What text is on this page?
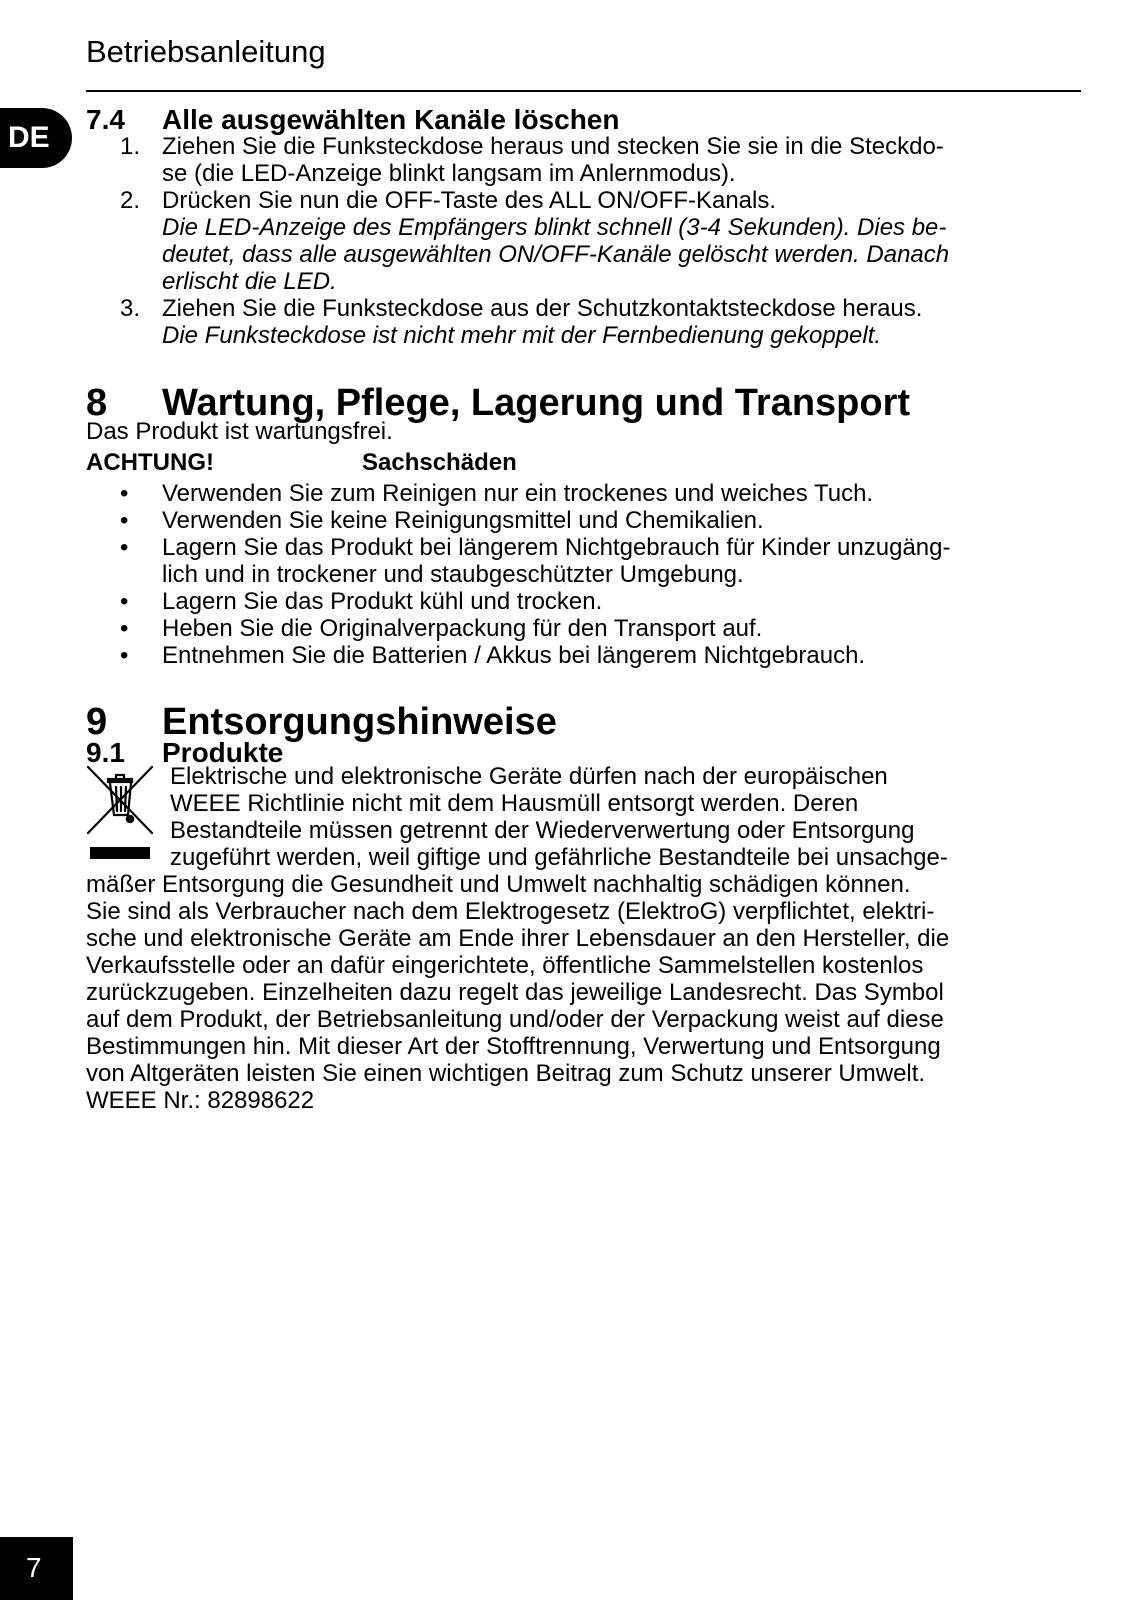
Betriebsanleitung
DE
7.4 Alle ausgewählten Kanäle löschen
1. Ziehen Sie die Funksteckdose heraus und stecken Sie sie in die Steckdo-
se (die LED-Anzeige blinkt langsam im Anlernmodus).
2. Drücken Sie nun die OFF-Taste des ALL ON/OFF-Kanals.
Die LED-Anzeige des Empfängers blinkt schnell (3-4 Sekunden). Dies be-
deutet, dass alle ausgewählten ON/OFF-Kanäle gelöscht werden. Danach
erlischt die LED.
3. Ziehen Sie die Funksteckdose aus der Schutzkontaktsteckdose heraus.
Die Funksteckdose ist nicht mehr mit der Fernbedienung gekoppelt.
8 Wartung, Pflege, Lagerung und Transport
Das Produkt ist wartungsfrei.
ACHTUNG!	Sachschäden
•	Verwenden Sie zum Reinigen nur ein trockenes und weiches Tuch.
•	Verwenden Sie keine Reinigungsmittel und Chemikalien.
•	Lagern Sie das Produkt bei längerem Nichtgebrauch für Kinder unzugäng-
lich und in trockener und staubgeschützter Umgebung.
•	Lagern Sie das Produkt kühl und trocken.
•	Heben Sie die Originalverpackung für den Transport auf.
•	Entnehmen Sie die Batterien / Akkus bei längerem Nichtgebrauch.
9 Entsorgungshinweise
9.1 Produkte
Elektrische und elektronische Geräte dürfen nach der europäischen
WEEE Richtlinie nicht mit dem Hausmüll entsorgt werden. Deren
Bestandteile müssen getrennt der Wiederverwertung oder Entsorgung
zugeführt werden, weil giftige und gefährliche Bestandteile bei unsachge-
mäßer Entsorgung die Gesundheit und Umwelt nachhaltig schädigen können.
Sie sind als Verbraucher nach dem Elektrogesetz (ElektroG) verpflichtet, elektri-
sche und elektronische Geräte am Ende ihrer Lebensdauer an den Hersteller, die
Verkaufsstelle oder an dafür eingerichtete, öffentliche Sammelstellen kostenlos
zurückzugeben. Einzelheiten dazu regelt das jeweilige Landesrecht. Das Symbol
auf dem Produkt, der Betriebsanleitung und/oder der Verpackung weist auf diese
Bestimmungen hin. Mit dieser Art der Stofftrennung, Verwertung und Entsorgung
von Altgeräten leisten Sie einen wichtigen Beitrag zum Schutz unserer Umwelt.
WEEE Nr.: 82898622
7
